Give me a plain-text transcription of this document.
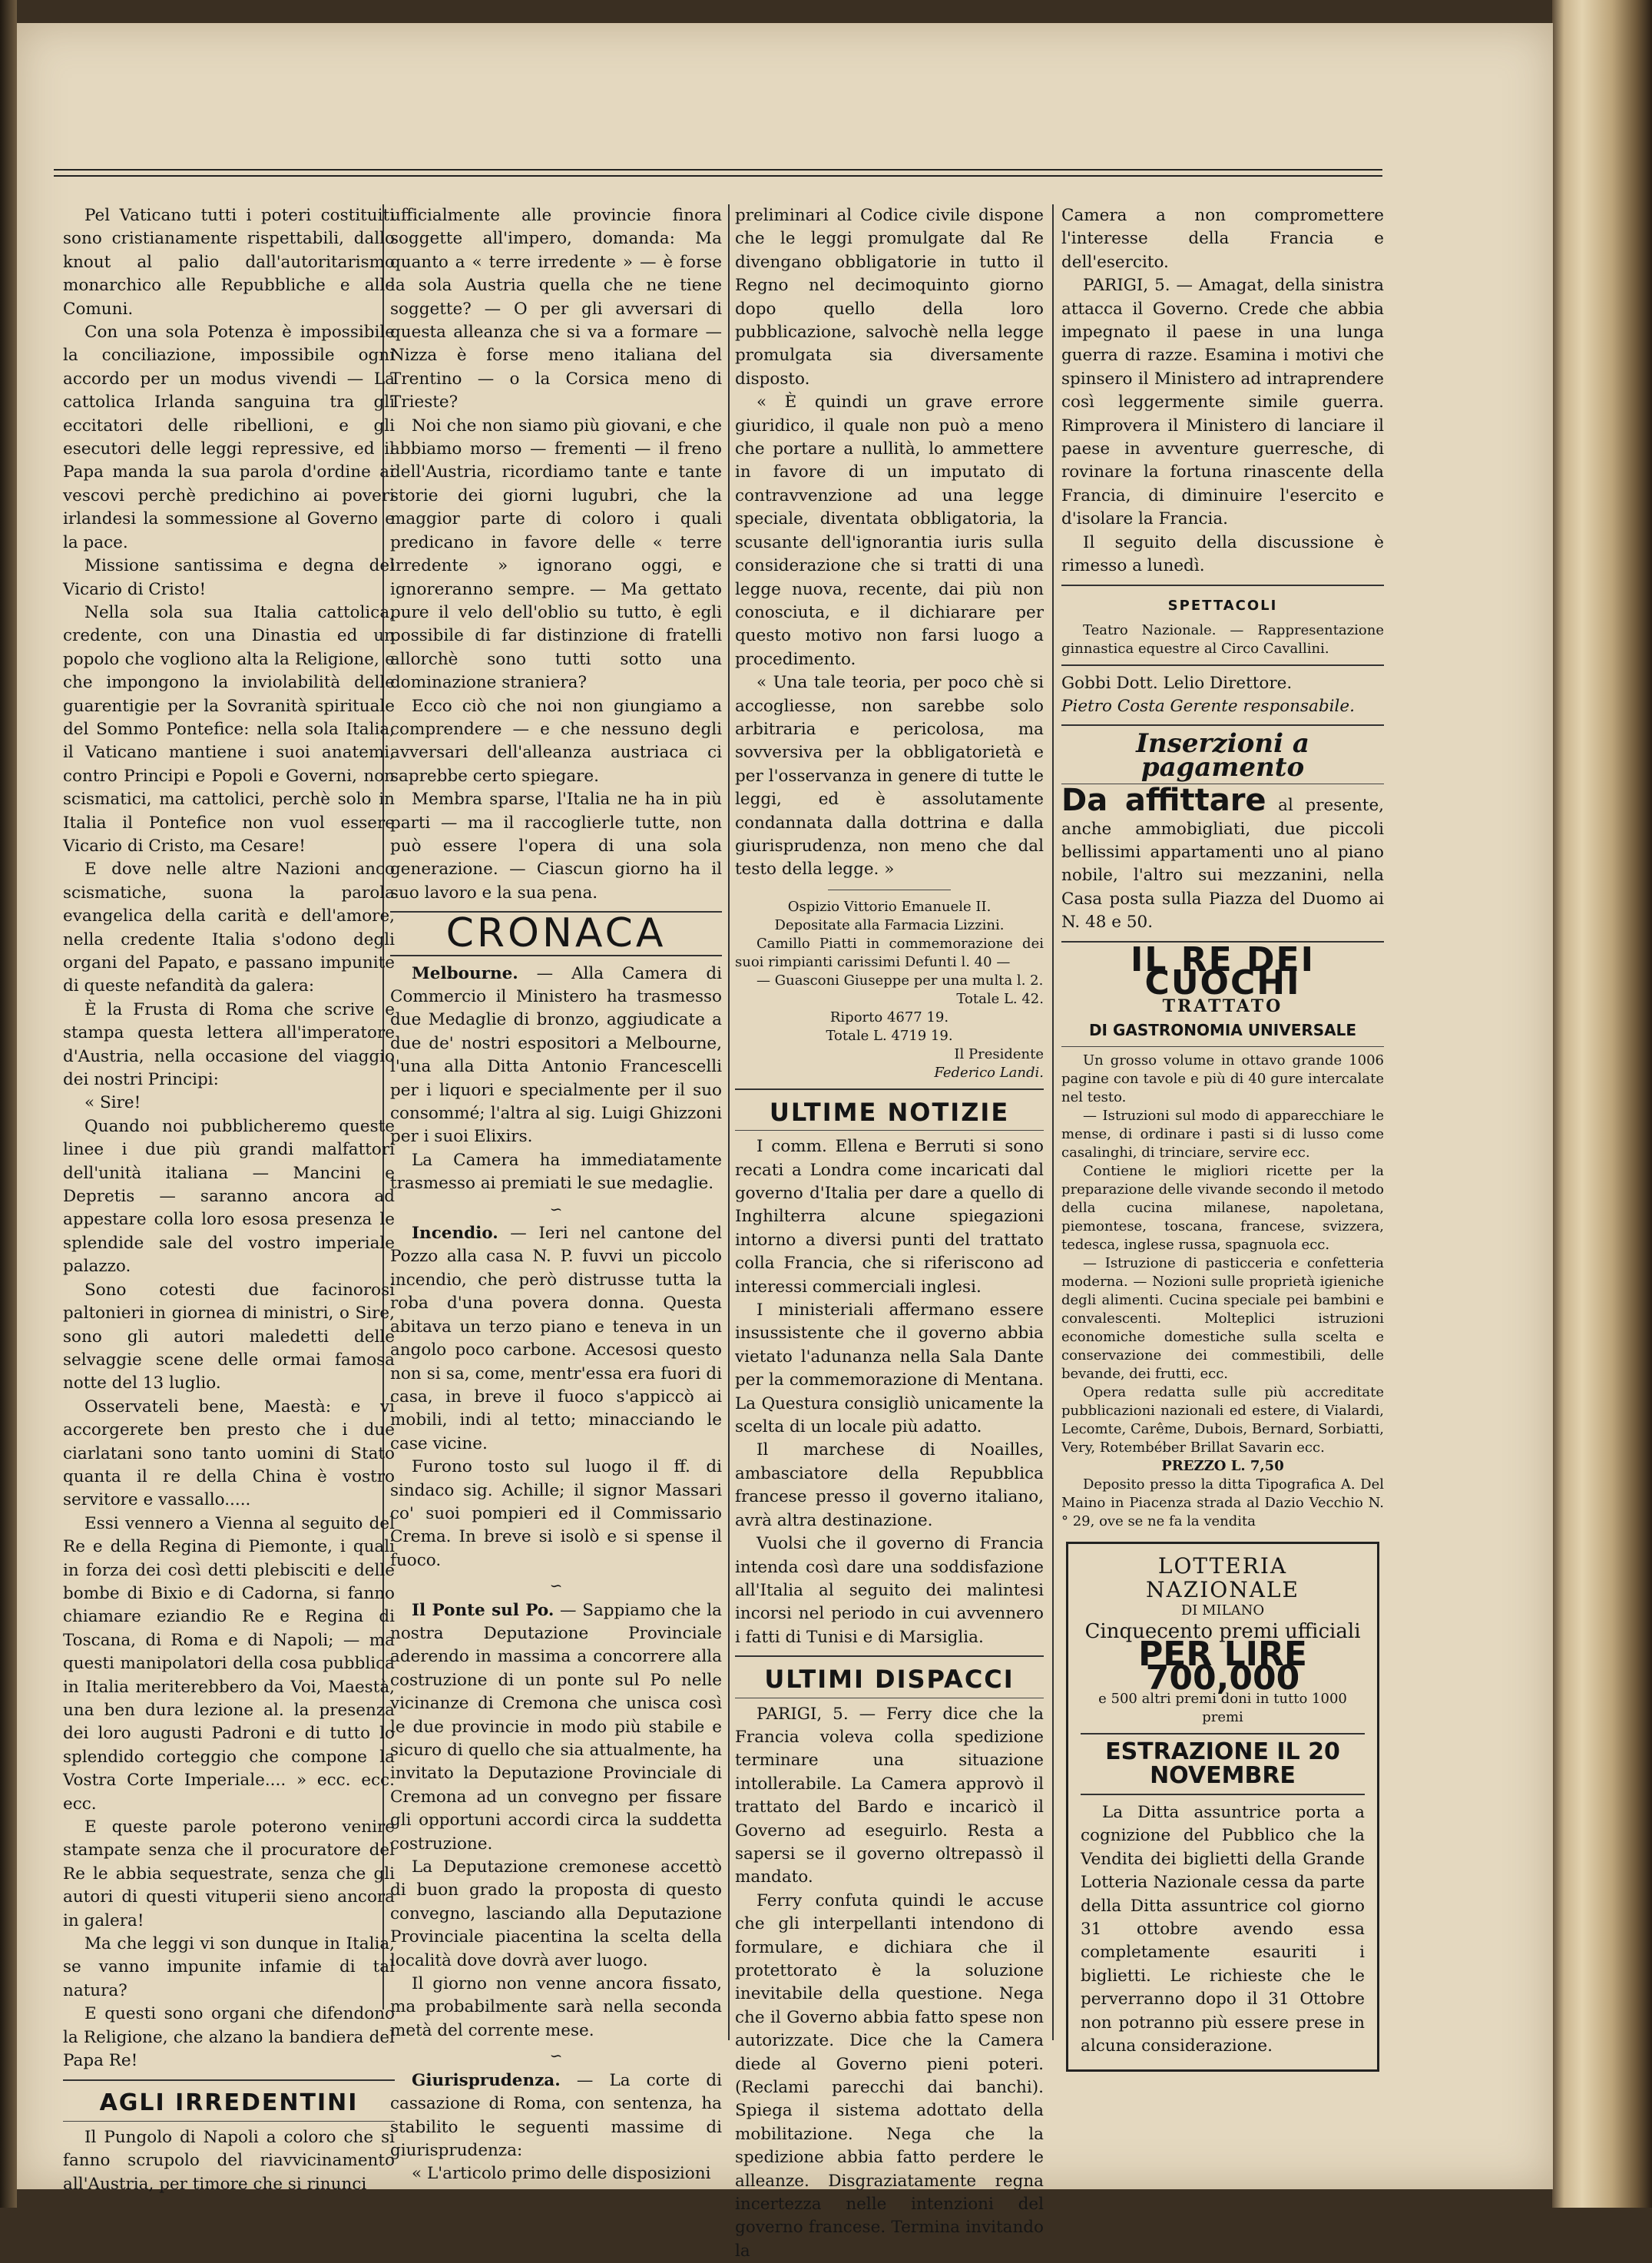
Pel Vaticano tutti i poteri costituiti sono cristianamente rispettabili, dallo knout al palio dall'autoritarismo monarchico alle Repubbliche e alle Comuni.

Con una sola Potenza è impossibile la conciliazione, impossibile ogni accordo per un modus vivendi — La cattolica Irlanda sanguina tra gli eccitatori delle ribellioni, e gli esecutori delle leggi repressive, ed il Papa manda la sua parola d'ordine ai vescovi perchè predichino ai poveri irlandesi la sommessione al Governo e la pace.

Missione santissima e degna del Vicario di Cristo!

Nella sola sua Italia cattolica, credente, con una Dinastia ed un popolo che vogliono alta la Religione, e che impongono la inviolabilità delle guarentigie per la Sovranità spirituale del Sommo Pontefice: nella sola Italia, il Vaticano mantiene i suoi anatemi, contro Principi e Popoli e Governi, non scismatici, ma cattolici, perchè solo in Italia il Pontefice non vuol essere Vicario di Cristo, ma Cesare!

E dove nelle altre Nazioni anco scismatiche, suona la parola evangelica della carità e dell'amore, nella credente Italia s'odono degli organi del Papato, e passano impunite di queste nefandità da galera:

È la Frusta di Roma che scrive e stampa questa lettera all'imperatore d'Austria, nella occasione del viaggio dei nostri Principi:

« Sire!

Quando noi pubblicheremo queste linee i due più grandi malfattori dell'unità italiana — Mancini e Depretis — saranno ancora ad appestare colla loro esosa presenza le splendide sale del vostro imperiale palazzo.

Sono cotesti due facinorosi paltonieri in giornea di ministri, o Sire, sono gli autori maledetti delle selvaggie scene delle ormai famosa notte del 13 luglio.

Osservateli bene, Maestà: e vi accorgerete ben presto che i due ciarlatani sono tanto uomini di Stato quanta il re della China è vostro servitore e vassallo.....

Essi vennero a Vienna al seguito del Re e della Regina di Piemonte, i quali in forza dei così detti plebisciti e delle bombe di Bixio e di Cadorna, si fanno chiamare eziandio Re e Regina di Toscana, di Roma e di Napoli; — ma questi manipolatori della cosa pubblica in Italia meriterebbero da Voi, Maestà, una ben dura lezione al. la presenza dei loro augusti Padroni e di tutto lo splendido corteggio che compone la Vostra Corte Imperiale.... » ecc. ecc. ecc.

E queste parole poterono venire stampate senza che il procuratore del Re le abbia sequestrate, senza che gli autori di questi vituperii sieno ancora in galera!

Ma che leggi vi son dunque in Italia, se vanno impunite infamie di tal natura?

E questi sono organi che difendono la Religione, che alzano la bandiera del Papa Re!

AGLI IRREDENTINI

Il Pungolo di Napoli a coloro che si fanno scrupolo del riavvicinamento all'Austria, per timore che si rinunci

ufficialmente alle provincie finora soggette all'impero, domanda: Ma quanto a « terre irredente » — è forse la sola Austria quella che ne tiene soggette? — O per gli avversari di questa alleanza che si va a formare — Nizza è forse meno italiana del Trentino — o la Corsica meno di Trieste?

Noi che non siamo più giovani, e che abbiamo morso — frementi — il freno dell'Austria, ricordiamo tante e tante storie dei giorni lugubri, che la maggior parte di coloro i quali predicano in favore delle « terre irredente » ignorano oggi, e ignoreranno sempre. — Ma gettato pure il velo dell'oblio su tutto, è egli possibile di far distinzione di fratelli allorchè sono tutti sotto una dominazione straniera?

Ecco ciò che noi non giungiamo a comprendere — e che nessuno degli avversari dell'alleanza austriaca ci saprebbe certo spiegare.

Membra sparse, l'Italia ne ha in più parti — ma il raccoglierle tutte, non può essere l'opera di una sola generazione. — Ciascun giorno ha il suo lavoro e la sua pena.

CRONACA

Melbourne. — Alla Camera di Commercio il Ministero ha trasmesso due Medaglie di bronzo, aggiudicate a due de' nostri espositori a Melbourne, l'una alla Ditta Antonio Francescelli per i liquori e specialmente per il suo consommé; l'altra al sig. Luigi Ghizzoni per i suoi Elixirs.

La Camera ha immediatamente trasmesso ai premiati le sue medaglie.

∽

Incendio. — Ieri nel cantone del Pozzo alla casa N. P. fuvvi un piccolo incendio, che però distrusse tutta la roba d'una povera donna. Questa abitava un terzo piano e teneva in un angolo poco carbone. Accesosi questo non si sa, come, mentr'essa era fuori di casa, in breve il fuoco s'appiccò ai mobili, indi al tetto; minacciando le case vicine.

Furono tosto sul luogo il ff. di sindaco sig. Achille; il signor Massari co' suoi pompieri ed il Commissario Crema. In breve si isolò e si spense il fuoco.

∽

Il Ponte sul Po. — Sappiamo che la nostra Deputazione Provinciale aderendo in massima a concorrere alla costruzione di un ponte sul Po nelle vicinanze di Cremona che unisca così le due provincie in modo più stabile e sicuro di quello che sia attualmente, ha invitato la Deputazione Provinciale di Cremona ad un convegno per fissare gli opportuni accordi circa la suddetta costruzione.

La Deputazione cremonese accettò di buon grado la proposta di questo convegno, lasciando alla Deputazione Provinciale piacentina la scelta della località dove dovrà aver luogo.

Il giorno non venne ancora fissato, ma probabilmente sarà nella seconda metà del corrente mese.

∽

Giurisprudenza. — La corte di cassazione di Roma, con sentenza, ha stabilito le seguenti massime di giurisprudenza:

« L'articolo primo delle disposizioni

preliminari al Codice civile dispone che le leggi promulgate dal Re divengano obbligatorie in tutto il Regno nel decimoquinto giorno dopo quello della loro pubblicazione, salvochè nella legge promulgata sia diversamente disposto.

« È quindi un grave errore giuridico, il quale non può a meno che portare a nullità, lo ammettere in favore di un imputato di contravvenzione ad una legge speciale, diventata obbligatoria, la scusante dell'ignorantia iuris sulla considerazione che si tratti di una legge nuova, recente, dai più non conosciuta, e il dichiarare per questo motivo non farsi luogo a procedimento.

« Una tale teoria, per poco chè si accogliesse, non sarebbe solo arbitraria e pericolosa, ma sovversiva per la obbligatorietà e per l'osservanza in genere di tutte le leggi, ed è assolutamente condannata dalla dottrina e dalla giurisprudenza, non meno che dal testo della legge. »

Ospizio Vittorio Emanuele II.

Depositate alla Farmacia Lizzini.

Camillo Piatti in commemorazione dei suoi rimpianti carissimi Defunti l. 40 —

— Guasconi Giuseppe per una multa l. 2.

Totale L. 42.

Riporto 4677 19.

Totale L. 4719 19.

Il Presidente

Federico Landi.

ULTIME NOTIZIE

I comm. Ellena e Berruti si sono recati a Londra come incaricati dal governo d'Italia per dare a quello di Inghilterra alcune spiegazioni intorno a diversi punti del trattato colla Francia, che si riferiscono ad interessi commerciali inglesi.

I ministeriali affermano essere insussistente che il governo abbia vietato l'adunanza nella Sala Dante per la commemorazione di Mentana. La Questura consigliò unicamente la scelta di un locale più adatto.

Il marchese di Noailles, ambasciatore della Repubblica francese presso il governo italiano, avrà altra destinazione.

Vuolsi che il governo di Francia intenda così dare una soddisfazione all'Italia al seguito dei malintesi incorsi nel periodo in cui avvennero i fatti di Tunisi e di Marsiglia.

ULTIMI DISPACCI

PARIGI, 5. — Ferry dice che la Francia voleva colla spedizione terminare una situazione intollerabile. La Camera approvò il trattato del Bardo e incaricò il Governo ad eseguirlo. Resta a sapersi se il governo oltrepassò il mandato.

Ferry confuta quindi le accuse che gli interpellanti intendono di formulare, e dichiara che il protettorato è la soluzione inevitabile della questione. Nega che il Governo abbia fatto spese non autorizzate. Dice che la Camera diede al Governo pieni poteri. (Reclami parecchi dai banchi). Spiega il sistema adottato della mobilitazione. Nega che la spedizione abbia fatto perdere le alleanze. Disgraziatamente regna incertezza nelle intenzioni del governo francese. Termina invitando la

Camera a non compromettere l'interesse della Francia e dell'esercito.

PARIGI, 5. — Amagat, della sinistra attacca il Governo. Crede che abbia impegnato il paese in una lunga guerra di razze. Esamina i motivi che spinsero il Ministero ad intraprendere così leggermente simile guerra. Rimprovera il Ministero di lanciare il paese in avventure guerresche, di rovinare la fortuna rinascente della Francia, di diminuire l'esercito e d'isolare la Francia.

Il seguito della discussione è rimesso a lunedì.

SPETTACOLI

Teatro Nazionale. — Rappresentazione ginnastica equestre al Circo Cavallini.

Gobbi Dott. Lelio Direttore.

Pietro Costa Gerente responsabile.

Inserzioni a pagamento

Da affittare al presente, anche ammobigliati, due piccoli bellissimi appartamenti uno al piano nobile, l'altro sui mezzanini, nella Casa posta sulla Piazza del Duomo ai N. 48 e 50.

IL RE DEI CUOCHI
TRATTATO
DI GASTRONOMIA UNIVERSALE

Un grosso volume in ottavo grande 1006 pagine con tavole e più di 40 gure intercalate nel testo.

— Istruzioni sul modo di apparecchiare le mense, di ordinare i pasti si di lusso come casalinghi, di trinciare, servire ecc.

Contiene le migliori ricette per la preparazione delle vivande secondo il metodo della cucina milanese, napoletana, piemontese, toscana, francese, svizzera, tedesca, inglese russa, spagnuola ecc.

— Istruzione di pasticceria e confetteria moderna. — Nozioni sulle proprietà igieniche degli alimenti. Cucina speciale pei bambini e convalescenti. Molteplici istruzioni economiche domestiche sulla scelta e conservazione dei commestibili, delle bevande, dei frutti, ecc.

Opera redatta sulle più accreditate pubblicazioni nazionali ed estere, di Vialardi, Lecomte, Carême, Dubois, Bernard, Sorbiatti, Very, Rotembéber Brillat Savarin ecc.

PREZZO L. 7,50

Deposito presso la ditta Tipografica A. Del Maino in Piacenza strada al Dazio Vecchio N.° 29, ove se ne fa la vendita

LOTTERIA NAZIONALE
DI MILANO
Cinquecento premi ufficiali
PER LIRE 700,000
e 500 altri premi doni in tutto 1000 premi
ESTRAZIONE IL 20 NOVEMBRE

La Ditta assuntrice porta a cognizione del Pubblico che la Vendita dei biglietti della Grande Lotteria Nazionale cessa da parte della Ditta assuntrice col giorno 31 ottobre avendo essa completamente esauriti i biglietti. Le richieste che le perverranno dopo il 31 Ottobre non potranno più essere prese in alcuna considerazione.
